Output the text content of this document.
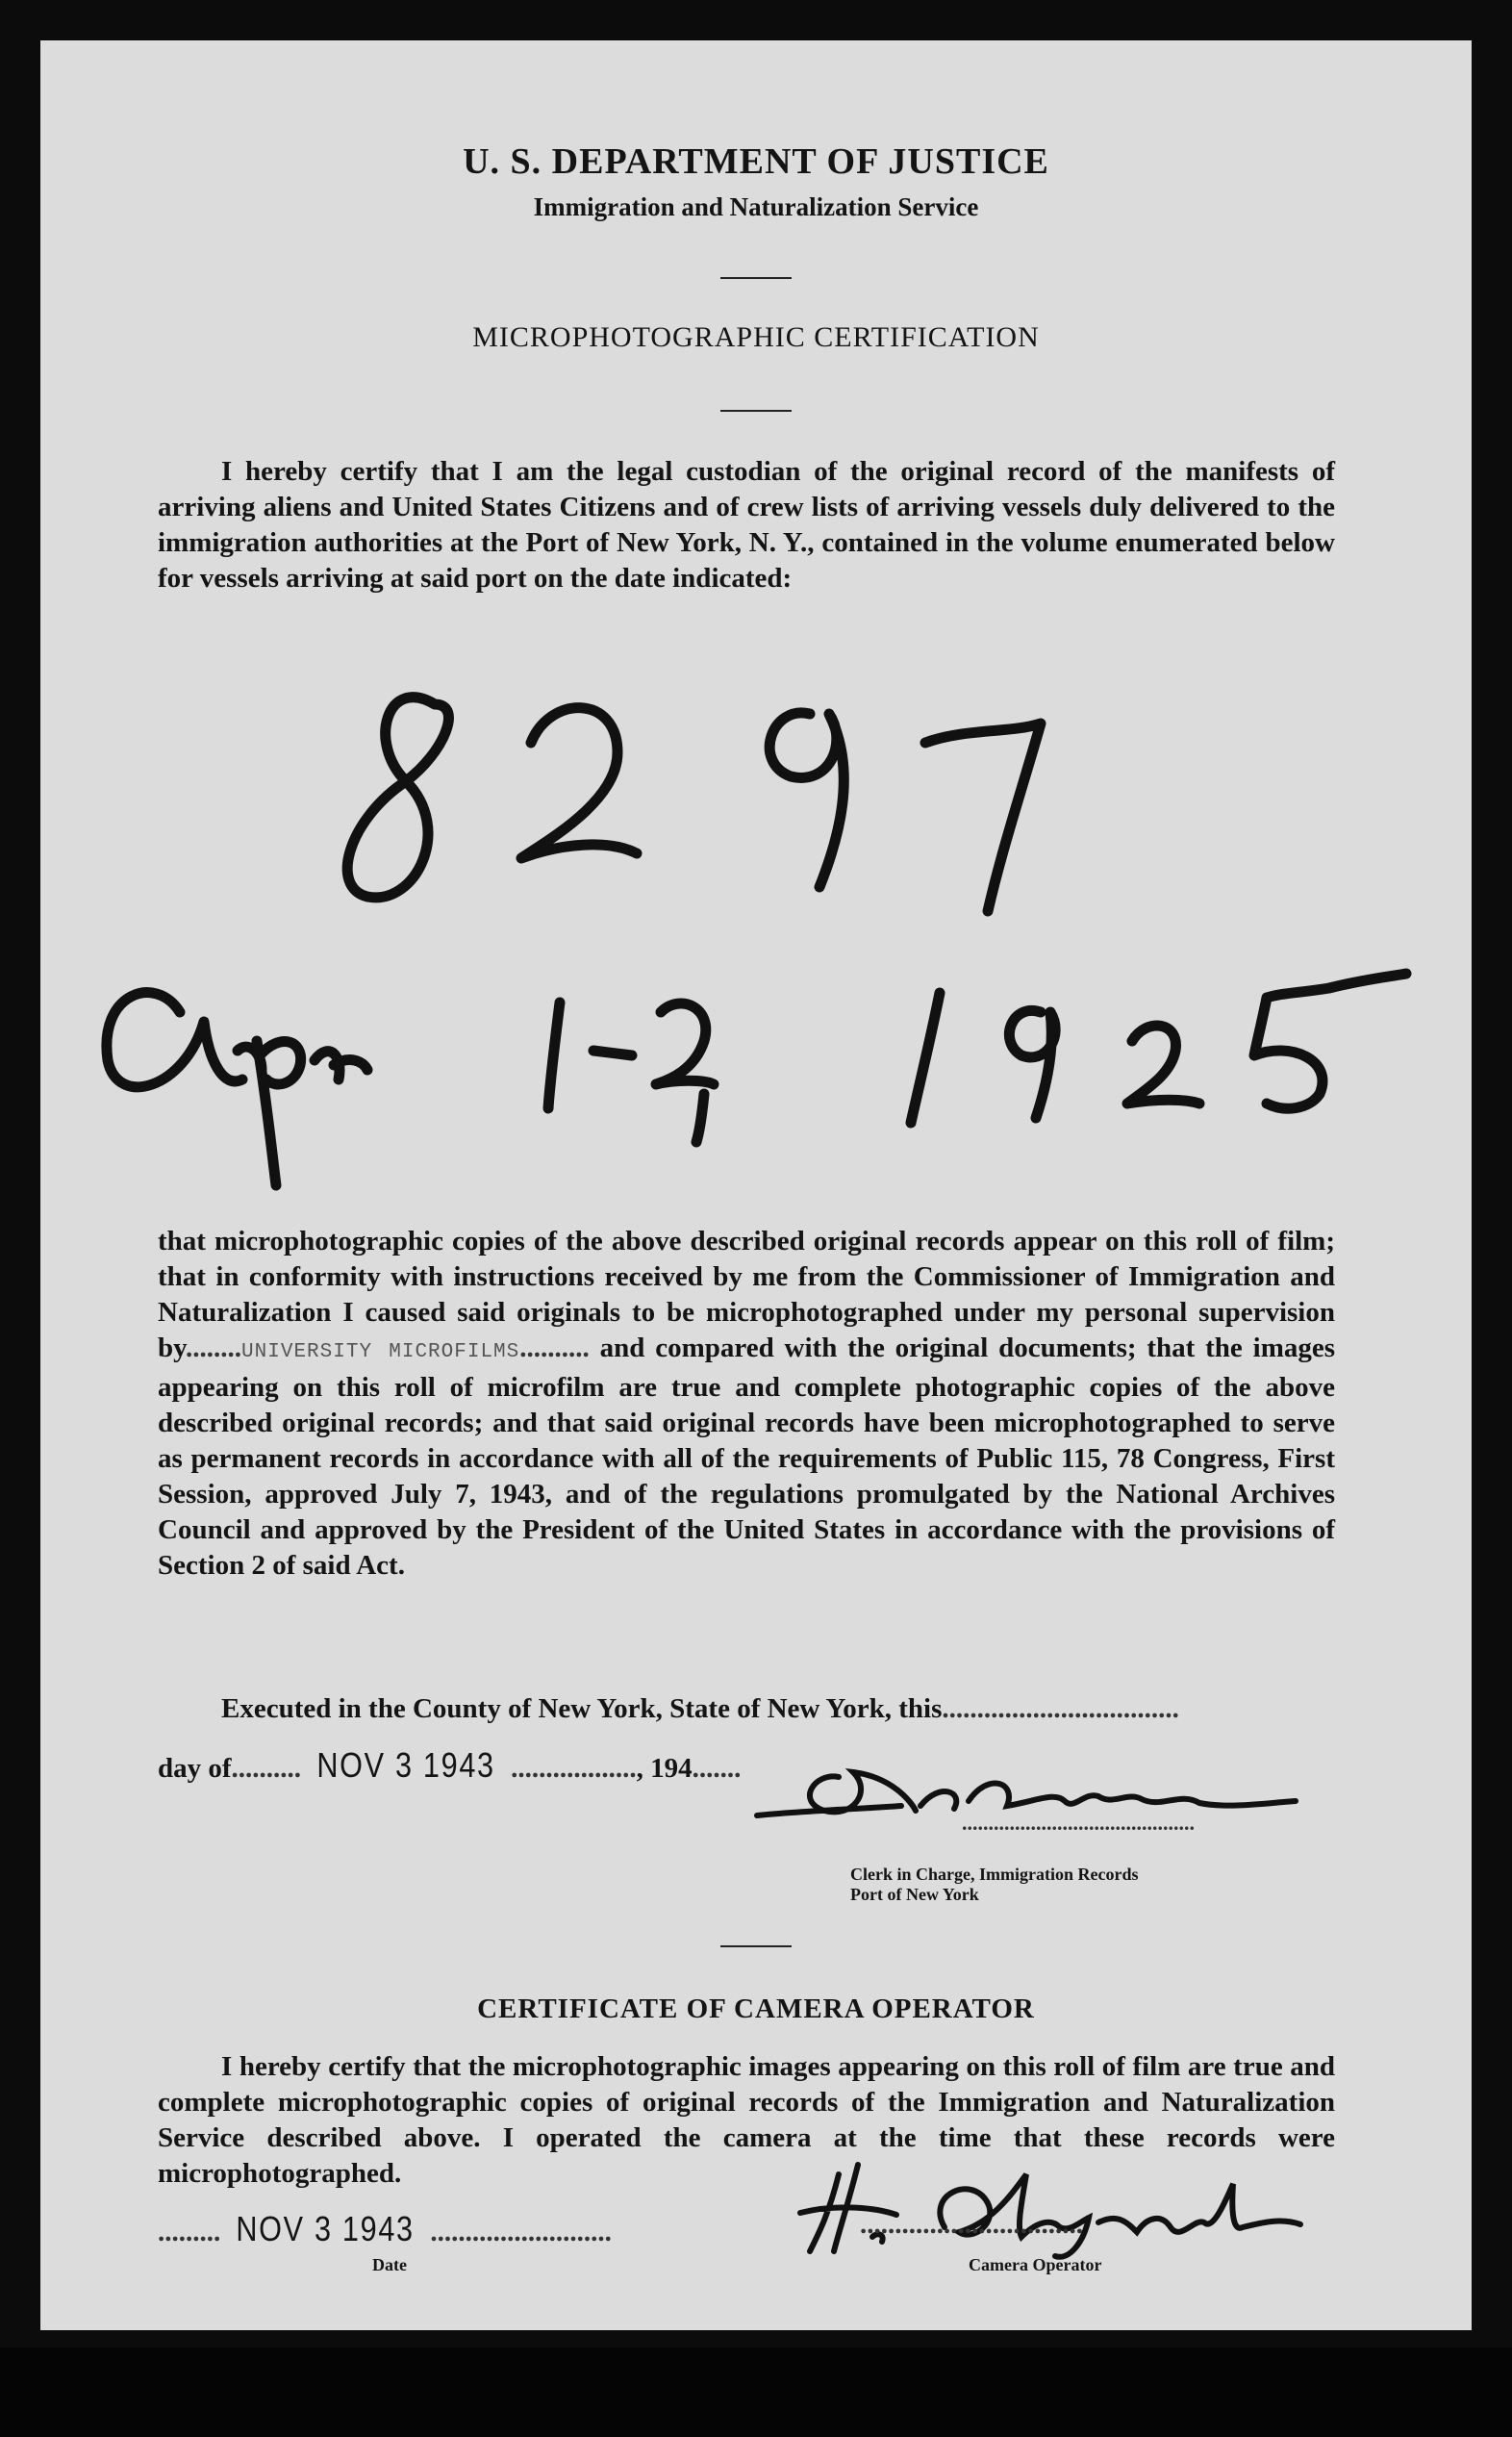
U. S. DEPARTMENT OF JUSTICE
Immigration and Naturalization Service
MICROPHOTOGRAPHIC CERTIFICATION
I hereby certify that I am the legal custodian of the original record of the manifests of arriving aliens and United States Citizens and of crew lists of arriving vessels duly delivered to the immigration authorities at the Port of New York, N. Y., contained in the volume enumerated below for vessels arriving at said port on the date indicated:
that microphotographic copies of the above described original records appear on this roll of film; that in conformity with instructions received by me from the Commissioner of Immigration and Naturalization I caused said originals to be microphotographed under my personal supervision by........UNIVERSITY MICROFILMS.......... and compared with the original documents; that the images appearing on this roll of microfilm are true and complete photographic copies of the above described original records; and that said original records have been microphotographed to serve as permanent records in accordance with all of the requirements of Public 115, 78 Congress, First Session, approved July 7, 1943, and of the regulations promulgated by the National Archives Council and approved by the President of the United States in accordance with the provisions of Section 2 of said Act.
Executed in the County of New York, State of New York, this..................................
day of.......... NOV 3 1943 .................., 194.......
............................................
Clerk in Charge, Immigration Records
Port of New York
CERTIFICATE OF CAMERA OPERATOR
I hereby certify that the microphotographic images appearing on this roll of film are true and complete microphotographic copies of original records of the Immigration and Naturalization Service described above. I operated the camera at the time that these records were microphotographed.
......... NOV 3 1943 ..........................
Date
................................
Camera Operator
